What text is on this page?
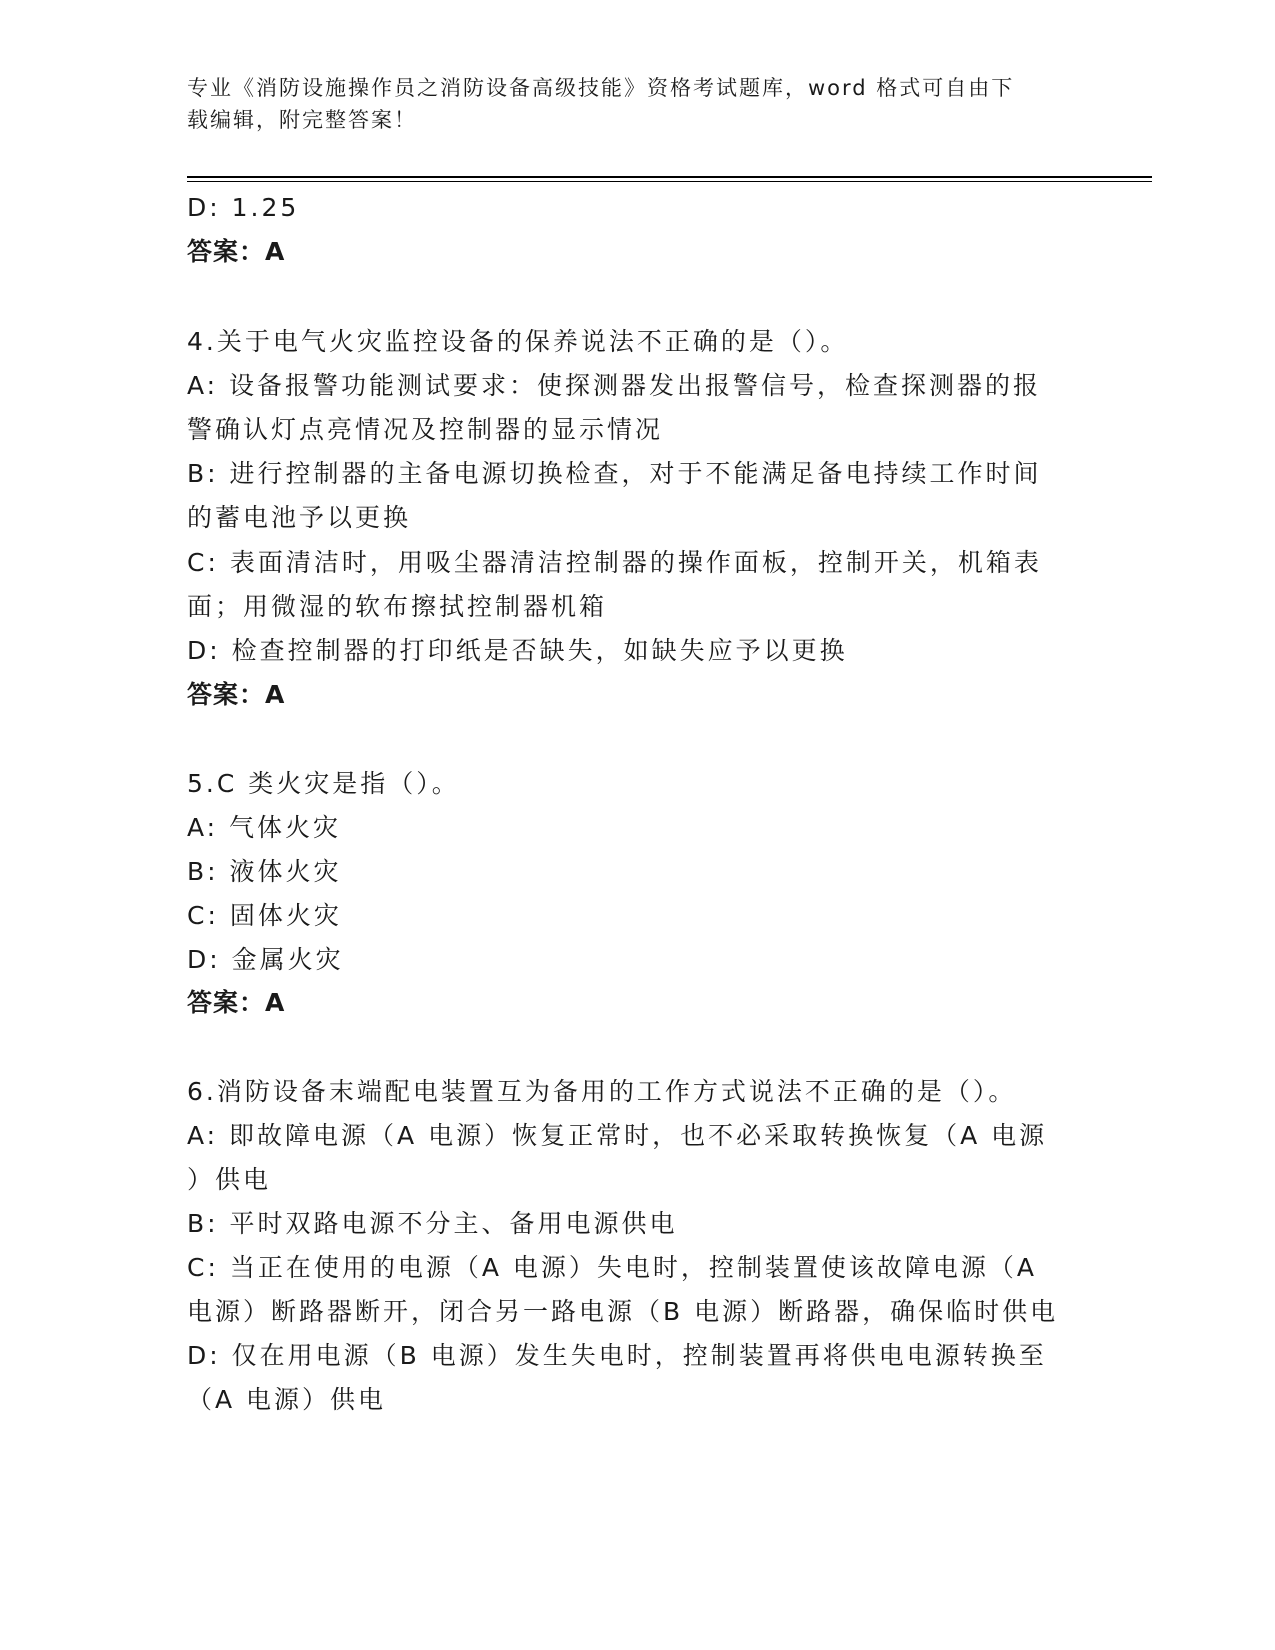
专业《消防设施操作员之消防设备高级技能》资格考试题库，word 格式可自由下
载编辑，附完整答案！

D: 1.25

答案：A

4.关于电气火灾监控设备的保养说法不正确的是（）。

A: 设备报警功能测试要求：使探测器发出报警信号，检查探测器的报

警确认灯点亮情况及控制器的显示情况

B: 进行控制器的主备电源切换检查，对于不能满足备电持续工作时间

的蓄电池予以更换

C: 表面清洁时，用吸尘器清洁控制器的操作面板，控制开关，机箱表

面；用微湿的软布擦拭控制器机箱

D: 检查控制器的打印纸是否缺失，如缺失应予以更换

答案：A

5.C 类火灾是指（）。

A: 气体火灾

B: 液体火灾

C: 固体火灾

D: 金属火灾

答案：A

6.消防设备末端配电装置互为备用的工作方式说法不正确的是（）。

A: 即故障电源（A 电源）恢复正常时，也不必采取转换恢复（A 电源

）供电

B: 平时双路电源不分主、备用电源供电

C: 当正在使用的电源（A 电源）失电时，控制装置使该故障电源（A

电源）断路器断开，闭合另一路电源（B 电源）断路器，确保临时供电

D: 仅在用电源（B 电源）发生失电时，控制装置再将供电电源转换至

（A 电源）供电
